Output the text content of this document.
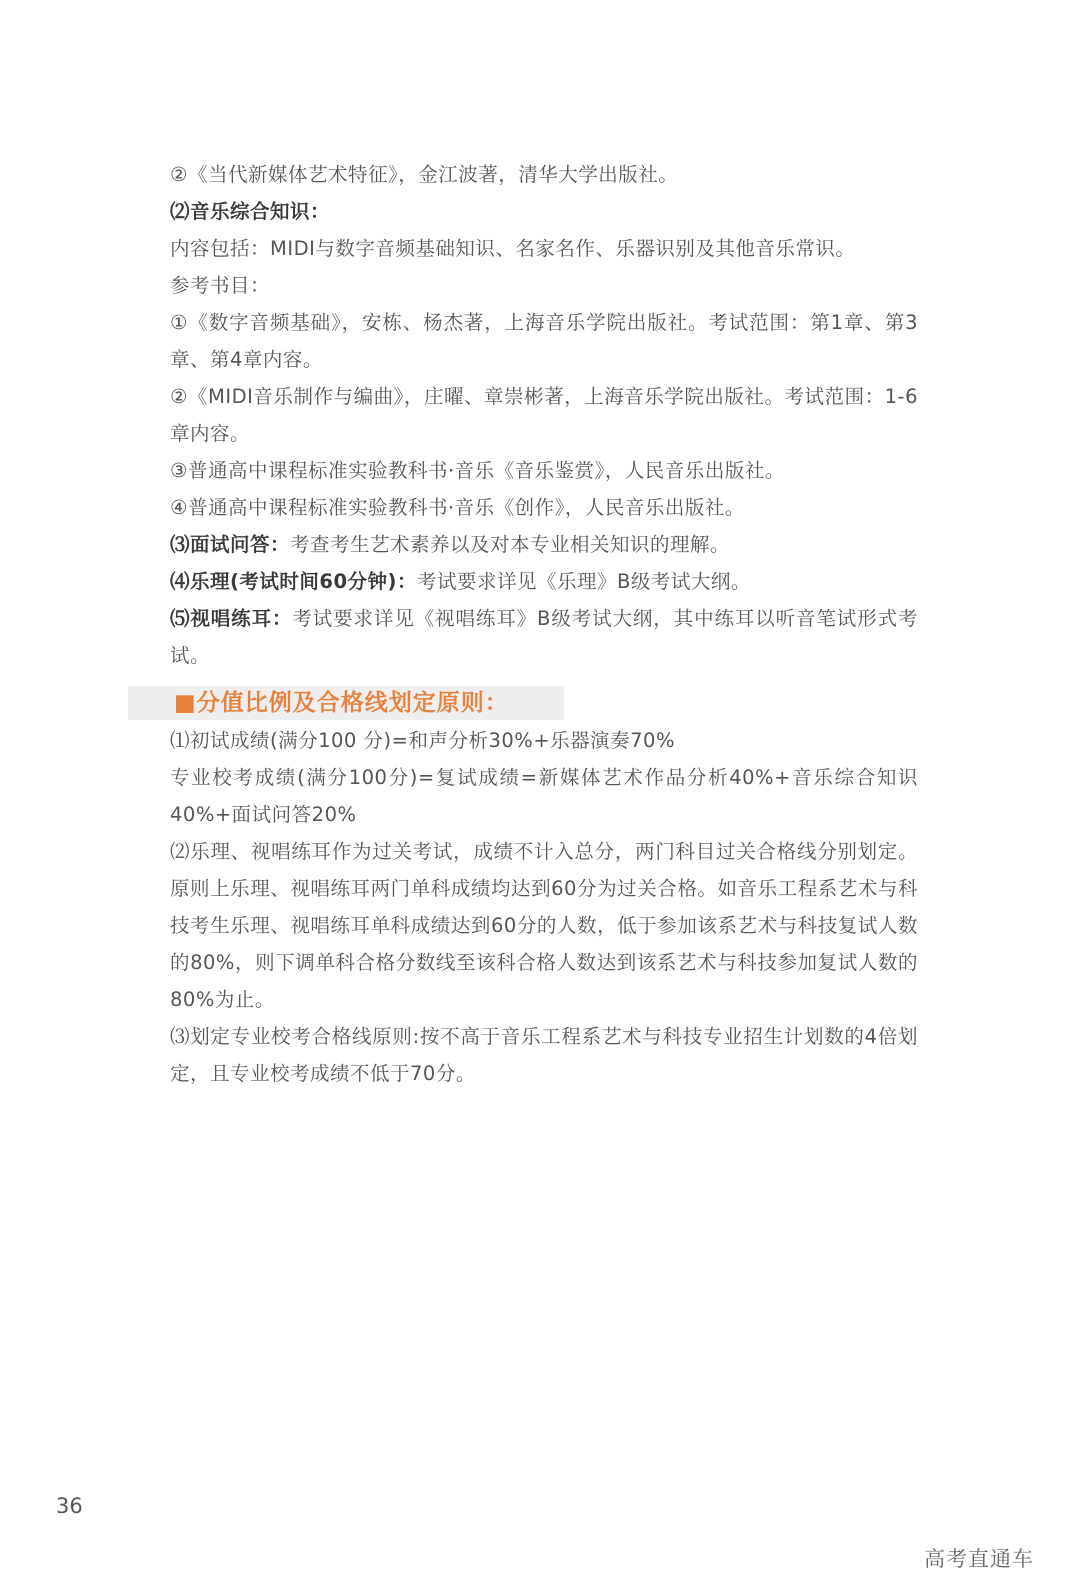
②《当代新媒体艺术特征》，金江波著，清华大学出版社。

⑵音乐综合知识：

内容包括：MIDI与数字音频基础知识、名家名作、乐器识别及其他音乐常识。

参考书目：

①《数字音频基础》，安栋、杨杰著，上海音乐学院出版社。考试范围：第1章、第3章、第4章内容。

②《MIDI音乐制作与编曲》，庄曜、章崇彬著，上海音乐学院出版社。考试范围：1-6章内容。

③普通高中课程标准实验教科书·音乐《音乐鉴赏》，人民音乐出版社。

④普通高中课程标准实验教科书·音乐《创作》，人民音乐出版社。

⑶面试问答：考查考生艺术素养以及对本专业相关知识的理解。

⑷乐理(考试时间60分钟)：考试要求详见《乐理》B级考试大纲。

⑸视唱练耳：考试要求详见《视唱练耳》B级考试大纲，其中练耳以听音笔试形式考试。

■分值比例及合格线划定原则：

⑴初试成绩(满分100 分)=和声分析30%+乐器演奏70%

专业校考成绩(满分100分)=复试成绩=新媒体艺术作品分析40%+音乐综合知识40%+面试问答20%

⑵乐理、视唱练耳作为过关考试，成绩不计入总分，两门科目过关合格线分别划定。原则上乐理、视唱练耳两门单科成绩均达到60分为过关合格。如音乐工程系艺术与科技考生乐理、视唱练耳单科成绩达到60分的人数，低于参加该系艺术与科技复试人数的80%，则下调单科合格分数线至该科合格人数达到该系艺术与科技参加复试人数的80%为止。

⑶划定专业校考合格线原则:按不高于音乐工程系艺术与科技专业招生计划数的4倍划定，且专业校考成绩不低于70分。

36
高考直通车
